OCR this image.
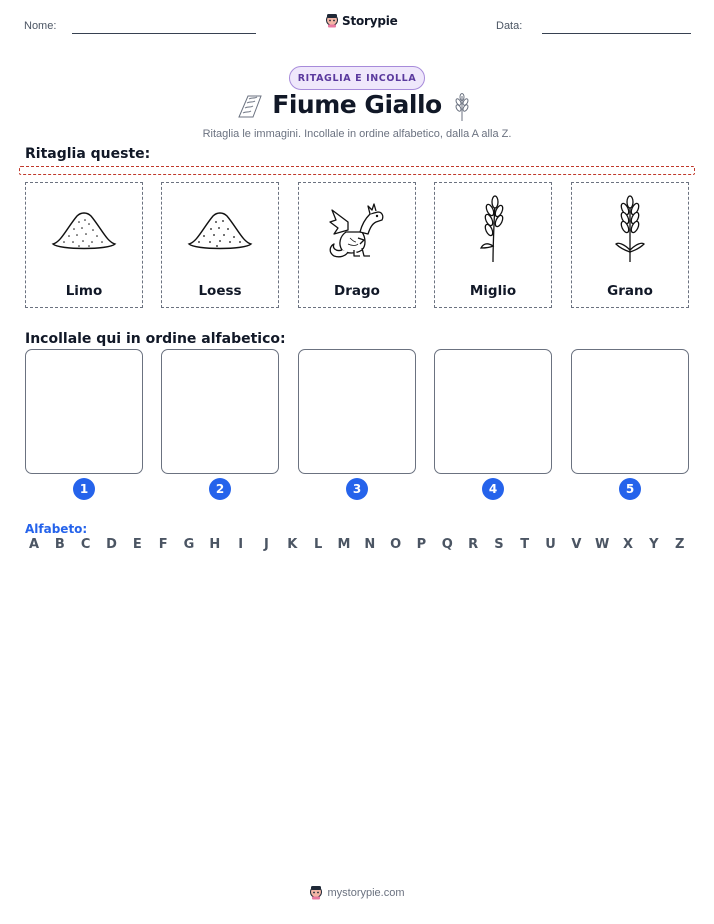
Nome:	Storypie	Data:
RITAGLIA E INCOLLA
Fiume Giallo
Ritaglia le immagini. Incollale in ordine alfabetico, dalla A alla Z.
Ritaglia queste:
Limo	Loess	Drago	Miglio	Grano
Incollale qui in ordine alfabetico:
1	2	3	4	5
Alfabeto:
A	B	C	D	E	F	G H	I	J	K	L	M N O	P	Q	R	S	T	U	V	W	X	Y	Z
mystorypie.com
